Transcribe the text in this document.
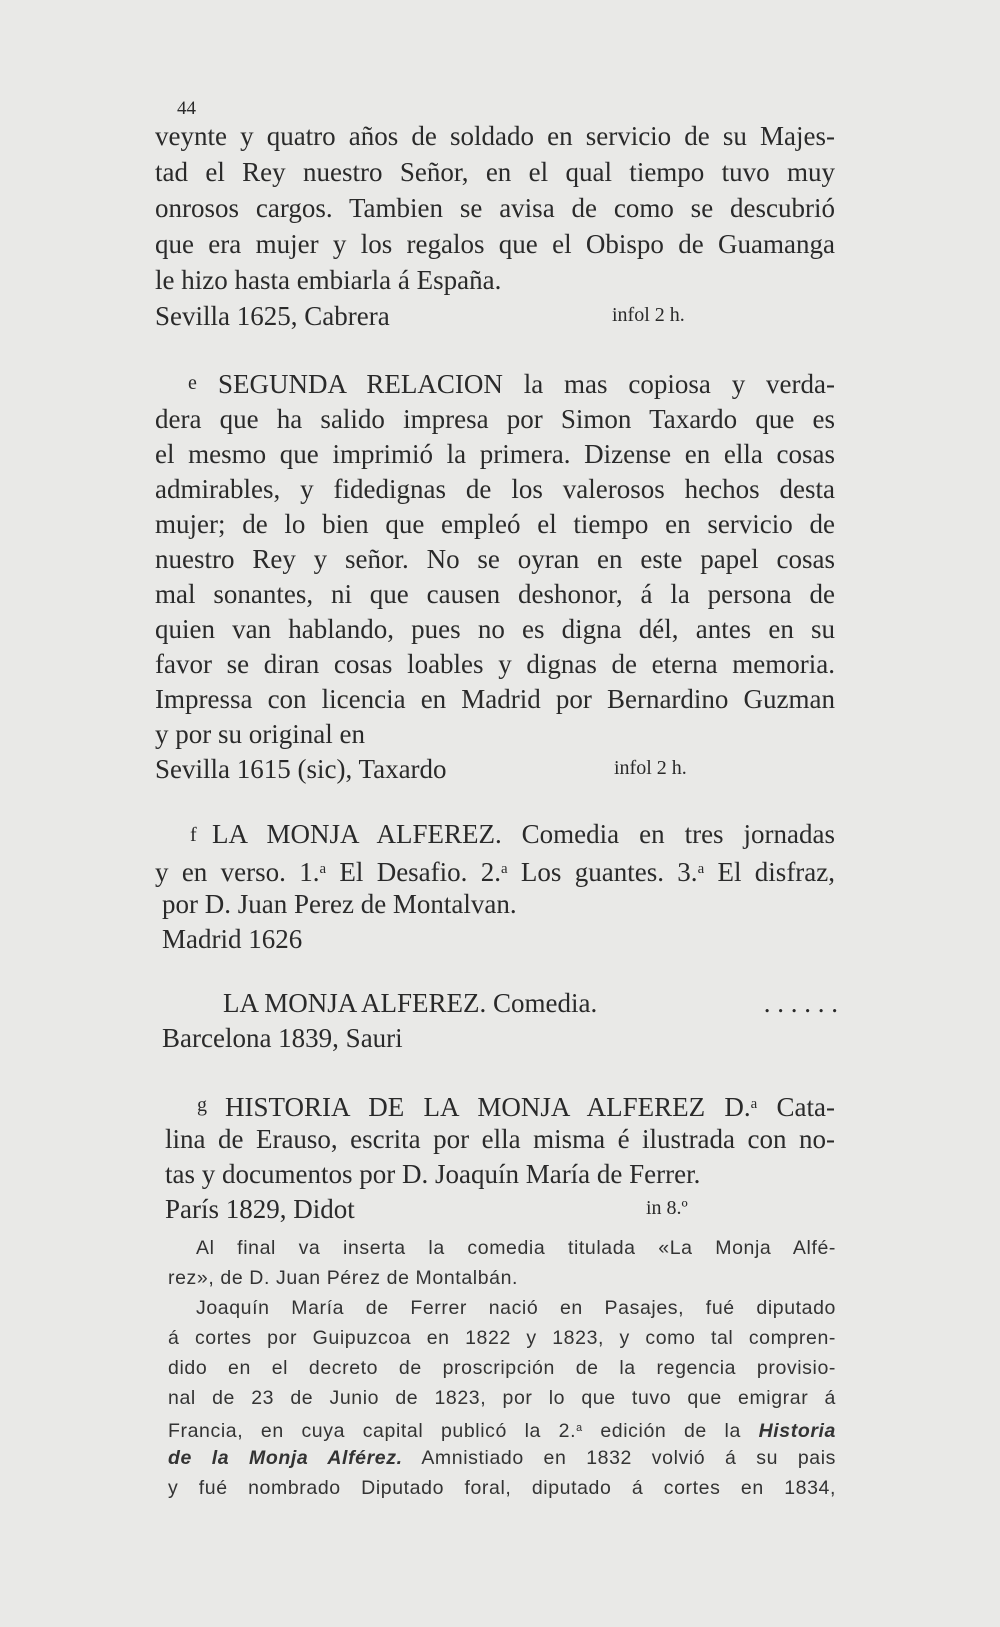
44
veynte y quatro años de soldado en servicio de su Majes-
tad el Rey nuestro Señor, en el qual tiempo tuvo muy
onrosos cargos. Tambien se avisa de como se descubrió
que era mujer y los regalos que el Obispo de Guamanga
le hizo hasta embiarla á España.
Sevilla 1625, Cabrera	infol 2 h.
e SEGUNDA RELACION la mas copiosa y verda-
dera que ha salido impresa por Simon Taxardo que es
el mesmo que imprimió la primera. Dizense en ella cosas
admirables, y fidedignas de los valerosos hechos desta
mujer; de lo bien que empleó el tiempo en servicio de
nuestro Rey y señor. No se oyran en este papel cosas
mal sonantes, ni que causen deshonor, á la persona de
quien van hablando, pues no es digna dél, antes en su
favor se diran cosas loables y dignas de eterna memoria.
Impressa con licencia en Madrid por Bernardino Guzman
y por su original en
Sevilla 1615 (sic), Taxardo	infol 2 h.
f LA MONJA ALFEREZ. Comedia en tres jornadas
y en verso. 1.$^a$ El Desafio. 2.$^a$ Los guantes. 3.$^a$ El disfraz,
por D. Juan Perez de Montalvan.
Madrid 1626
LA MONJA ALFEREZ. Comedia.	. . . . . .
Barcelona 1839, Sauri
g HISTORIA DE LA MONJA ALFEREZ D.$^a$ Cata-
lina de Erauso, escrita por ella misma é ilustrada con no-
tas y documentos por D. Joaquín María de Ferrer.
París 1829, Didot	in 8.º
Al final va inserta la comedia titulada «La Monja Alfé-
rez», de D. Juan Pérez de Montalbán.
Joaquín María de Ferrer nació en Pasajes, fué diputado
á cortes por Guipuzcoa en 1822 y 1823, y como tal compren-
dido en el decreto de proscripción de la regencia provisio-
nal de 23 de Junio de 1823, por lo que tuvo que emigrar á
Francia, en cuya capital publicó la 2.$^a$ edición de la Historia
de la Monja Alférez. Amnistiado en 1832 volvió á su pais
y fué nombrado Diputado foral, diputado á cortes en 1834,
